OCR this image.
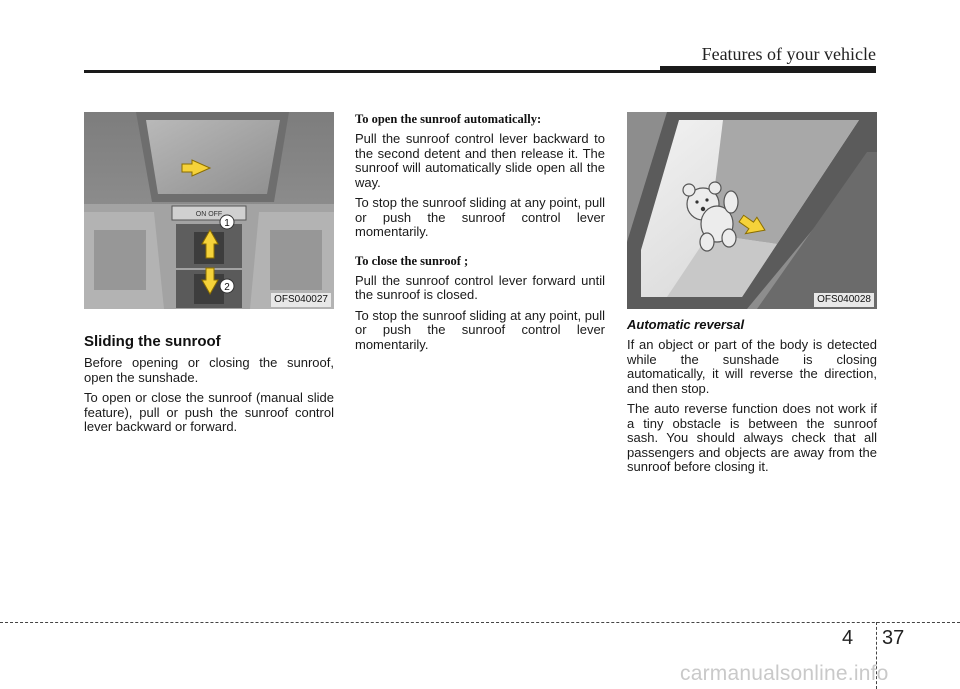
Features of your vehicle
1
2
ON OFF
OFS040027
Sliding the sunroof

Before opening or closing the sunroof, open the sunshade.

To open or close the sunroof (manual slide feature), pull or push the sunroof control lever backward or forward.

To open the sunroof automatically:

Pull the sunroof control lever backward to the second detent and then release it. The sunroof will automatically slide open all the way.

To stop the sunroof sliding at any point, pull or push the sunroof control lever momentarily.

To close the sunroof ;

Pull the sunroof control lever forward until the sunroof is closed.

To stop the sunroof sliding at any point, pull or push the sunroof control lever momentarily.

OFS040028
Automatic reversal

If an object or part of the body is detected while the sunshade is closing automatically, it will reverse the direction, and then stop.

The auto reverse function does not work if a tiny obstacle is between the sunroof sash. You should always check that all passengers and objects are away from the sunroof before closing it.

4 37
carmanualsonline.info
